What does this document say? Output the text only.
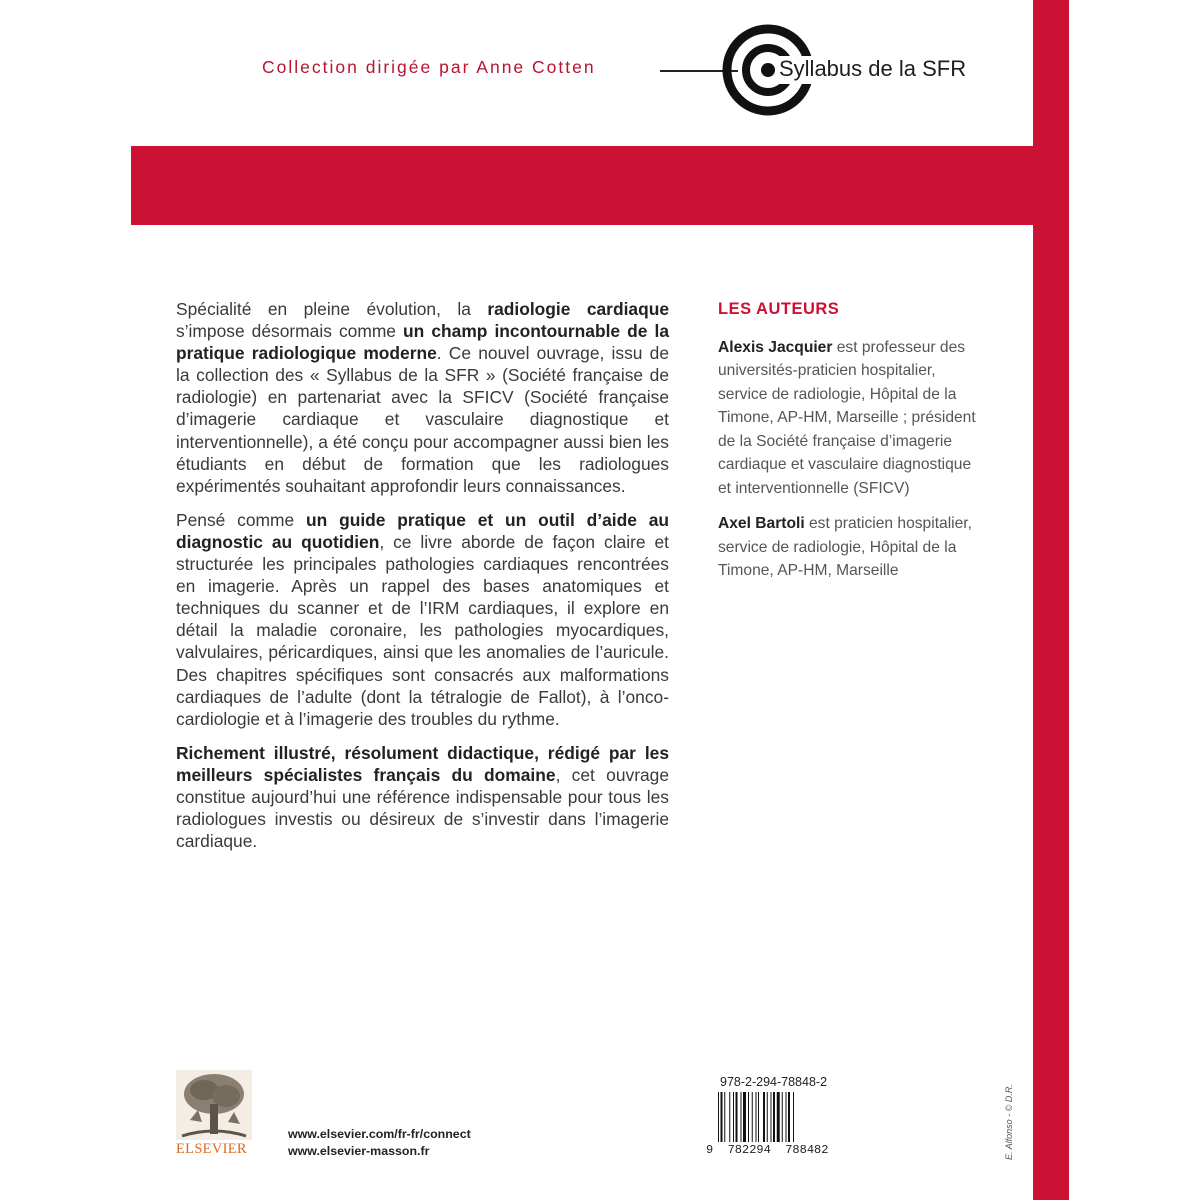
Collection dirigée par Anne Cotten	Syllabus de la SFR

Spécialité en pleine évolution, la radiologie cardiaque s’impose désormais comme un champ incontournable de la pratique radiologique moderne. Ce nouvel ouvrage, issu de la collection des « Syllabus de la SFR » (Société française de radiologie) en partenariat avec la SFICV (Société française d’imagerie cardiaque et vasculaire diagnostique et interventionnelle), a été conçu pour accompagner aussi bien les étudiants en début de formation que les radiologues expérimentés souhaitant approfondir leurs connaissances.

Pensé comme un guide pratique et un outil d’aide au diagnostic au quotidien, ce livre aborde de façon claire et structurée les principales pathologies cardiaques rencontrées en imagerie. Après un rappel des bases anatomiques et techniques du scanner et de l’IRM cardiaques, il explore en détail la maladie coronaire, les pathologies myocardiques, valvulaires, péricardiques, ainsi que les anomalies de l’auricule. Des chapitres spécifiques sont consacrés aux malformations cardiaques de l’adulte (dont la tétralogie de Fallot), à l’onco-cardiologie et à l’imagerie des troubles du rythme.

Richement illustré, résolument didactique, rédigé par les meilleurs spécialistes français du domaine, cet ouvrage constitue aujourd’hui une référence indispensable pour tous les radiologues investis ou désireux de s’investir dans l’imagerie cardiaque.

LES AUTEURS

Alexis Jacquier est professeur des universités-praticien hospitalier, service de radiologie, Hôpital de la Timone, AP-HM, Marseille ; président de la Société française d’imagerie cardiaque et vasculaire diagnostique et interventionnelle (SFICV)

Axel Bartoli est praticien hospitalier, service de radiologie, Hôpital de la Timone, AP-HM, Marseille

ELSEVIER
www.elsevier.com/fr-fr/connect
www.elsevier-masson.fr
978-2-294-78848-2
9  782294  788482	E. Alfonso - © D.R.
